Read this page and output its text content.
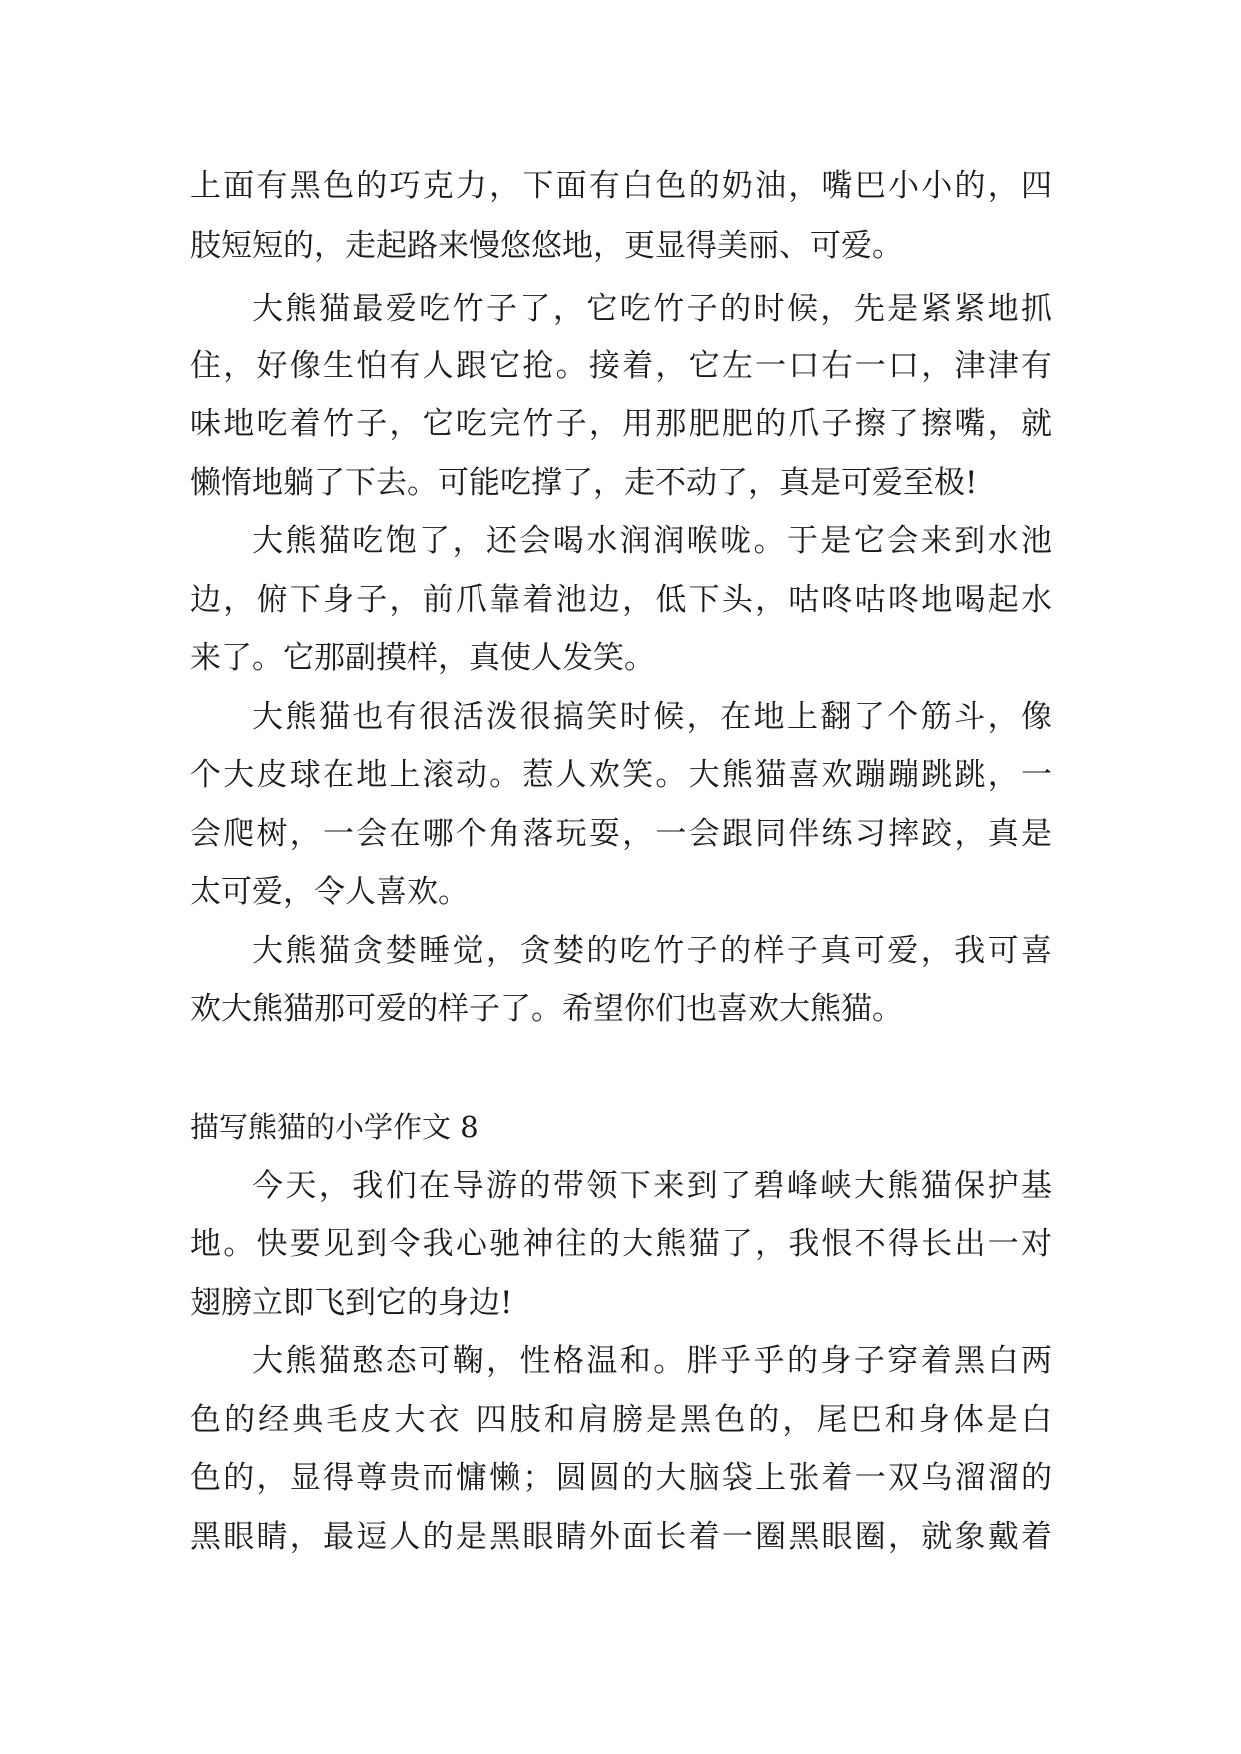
上面有黑色的巧克力，下面有白色的奶油，嘴巴小小的，四
肢短短的，走起路来慢悠悠地，更显得美丽、可爱。
大熊猫最爱吃竹子了，它吃竹子的时候，先是紧紧地抓
住，好像生怕有人跟它抢。接着，它左一口右一口，津津有
味地吃着竹子，它吃完竹子，用那肥肥的爪子擦了擦嘴，就
懒惰地躺了下去。可能吃撑了，走不动了，真是可爱至极!
大熊猫吃饱了，还会喝水润润喉咙。于是它会来到水池
边，俯下身子，前爪靠着池边，低下头，咕咚咕咚地喝起水
来了。它那副摸样，真使人发笑。
大熊猫也有很活泼很搞笑时候，在地上翻了个筋斗，像
个大皮球在地上滚动。惹人欢笑。大熊猫喜欢蹦蹦跳跳，一
会爬树，一会在哪个角落玩耍，一会跟同伴练习摔跤，真是
太可爱，令人喜欢。
大熊猫贪婪睡觉，贪婪的吃竹子的样子真可爱，我可喜
欢大熊猫那可爱的样子了。希望你们也喜欢大熊猫。
描写熊猫的小学作文 8
今天，我们在导游的带领下来到了碧峰峡大熊猫保护基
地。快要见到令我心驰神往的大熊猫了，我恨不得长出一对
翅膀立即飞到它的身边!
大熊猫憨态可鞠，性格温和。胖乎乎的身子穿着黑白两
色的经典毛皮大衣 四肢和肩膀是黑色的，尾巴和身体是白
色的，显得尊贵而慵懒；圆圆的大脑袋上张着一双乌溜溜的
黑眼睛，最逗人的是黑眼睛外面长着一圈黑眼圈，就象戴着
